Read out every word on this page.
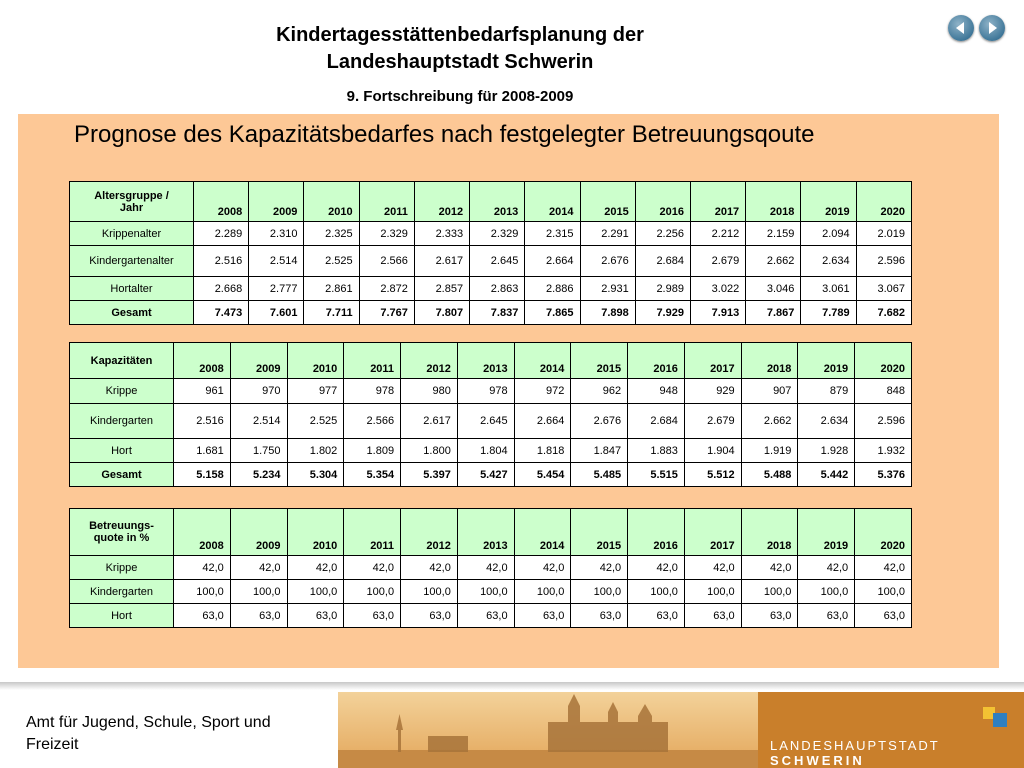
Kindertagesstättenbedarfsplanung der
Landeshauptstadt Schwerin
9. Fortschreibung für 2008-2009
Prognose des Kapazitätsbedarfes nach festgelegter Betreuungsqoute
Altersgruppe /
Jahr	2008	2009	2010	2011	2012	2013	2014	2015	2016	2017	2018	2019	2020
Krippenalter	2.289	2.310	2.325	2.329	2.333	2.329	2.315	2.291	2.256	2.212	2.159	2.094	2.019
Kindergartenalter	2.516	2.514	2.525	2.566	2.617	2.645	2.664	2.676	2.684	2.679	2.662	2.634	2.596
Hortalter	2.668	2.777	2.861	2.872	2.857	2.863	2.886	2.931	2.989	3.022	3.046	3.061	3.067
Gesamt	7.473	7.601	7.711	7.767	7.807	7.837	7.865	7.898	7.929	7.913	7.867	7.789	7.682
Kapazitäten	2008	2009	2010	2011	2012	2013	2014	2015	2016	2017	2018	2019	2020
Krippe	961	970	977	978	980	978	972	962	948	929	907	879	848
Kindergarten	2.516	2.514	2.525	2.566	2.617	2.645	2.664	2.676	2.684	2.679	2.662	2.634	2.596
Hort	1.681	1.750	1.802	1.809	1.800	1.804	1.818	1.847	1.883	1.904	1.919	1.928	1.932
Gesamt	5.158	5.234	5.304	5.354	5.397	5.427	5.454	5.485	5.515	5.512	5.488	5.442	5.376
Betreuungs-
quote in %	2008	2009	2010	2011	2012	2013	2014	2015	2016	2017	2018	2019	2020
Krippe	42,0	42,0	42,0	42,0	42,0	42,0	42,0	42,0	42,0	42,0	42,0	42,0	42,0
Kindergarten	100,0	100,0	100,0	100,0	100,0	100,0	100,0	100,0	100,0	100,0	100,0	100,0	100,0
Hort	63,0	63,0	63,0	63,0	63,0	63,0	63,0	63,0	63,0	63,0	63,0	63,0	63,0
Amt für Jugend, Schule, Sport und
Freizeit	LANDESHAUPTSTADT SCHWERIN
